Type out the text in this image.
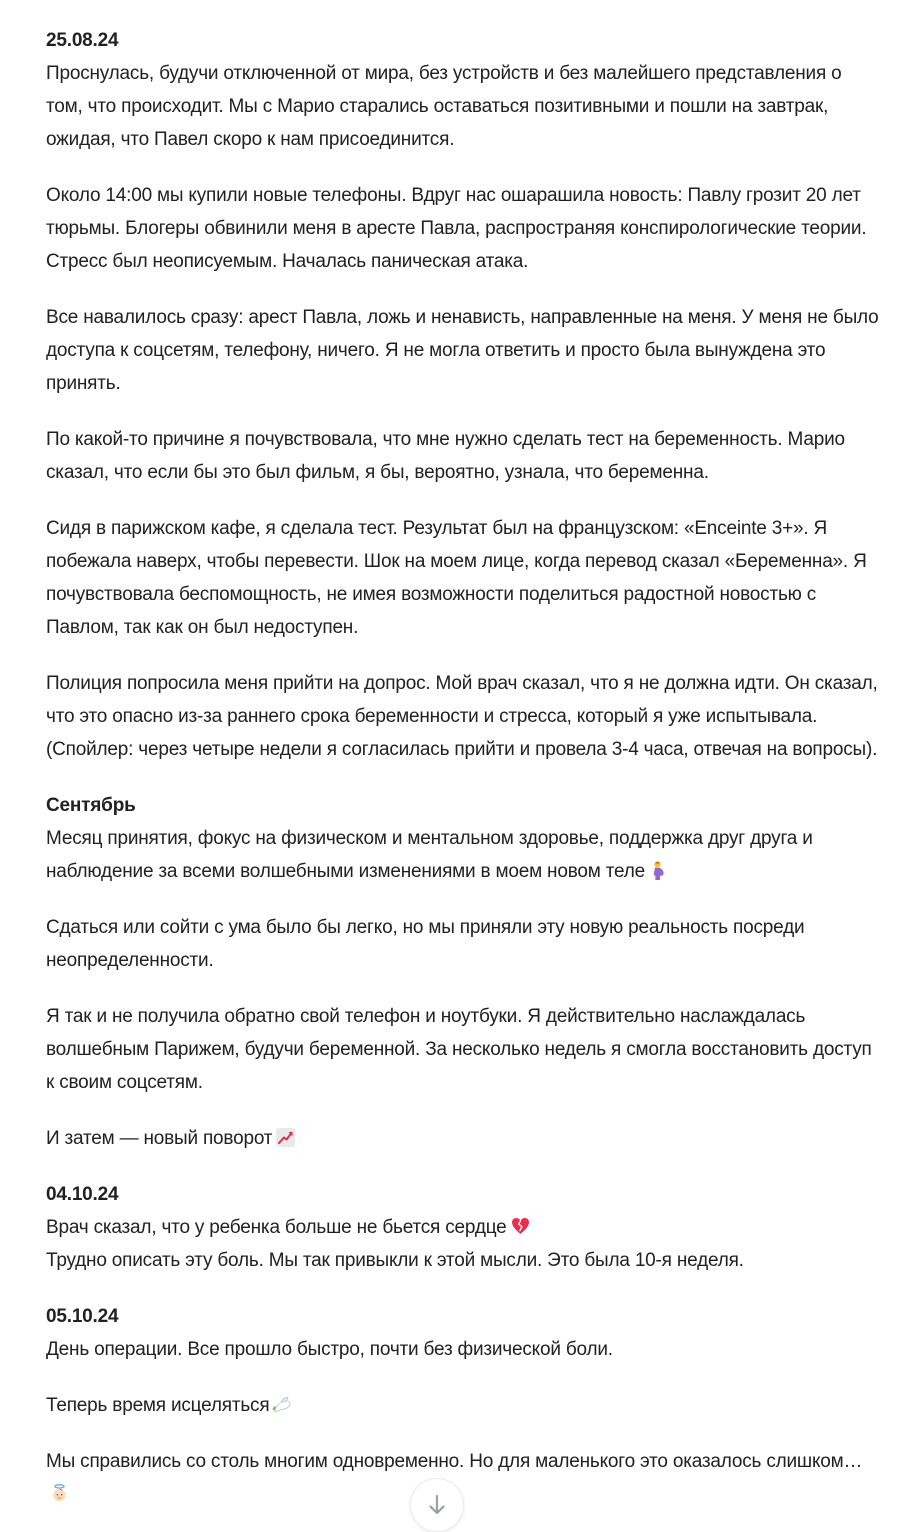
25.08.24
Проснулась, будучи отключенной от мира, без устройств и без малейшего представления о
том, что происходит. Мы с Марио старались оставаться позитивными и пошли на завтрак,
ожидая, что Павел скоро к нам присоединится.
Около 14:00 мы купили новые телефоны. Вдруг нас ошарашила новость: Павлу грозит 20 лет
тюрьмы. Блогеры обвинили меня в аресте Павла, распространяя конспирологические теории.
Стресс был неописуемым. Началась паническая атака.
Все навалилось сразу: арест Павла, ложь и ненависть, направленные на меня. У меня не было
доступа к соцсетям, телефону, ничего. Я не могла ответить и просто была вынуждена это
принять.
По какой-то причине я почувствовала, что мне нужно сделать тест на беременность. Марио
сказал, что если бы это был фильм, я бы, вероятно, узнала, что беременна.
Сидя в парижском кафе, я сделала тест. Результат был на французском: «Enceinte 3+». Я
побежала наверх, чтобы перевести. Шок на моем лице, когда перевод сказал «Беременна». Я
почувствовала беспомощность, не имея возможности поделиться радостной новостью с
Павлом, так как он был недоступен.
Полиция попросила меня прийти на допрос. Мой врач сказал, что я не должна идти. Он сказал,
что это опасно из-за раннего срока беременности и стресса, который я уже испытывала.
(Спойлер: через четыре недели я согласилась прийти и провела 3-4 часа, отвечая на вопросы).
Сентябрь
Месяц принятия, фокус на физическом и ментальном здоровье, поддержка друг друга и
наблюдение за всеми волшебными изменениями в моем новом теле
Сдаться или сойти с ума было бы легко, но мы приняли эту новую реальность посреди
неопределенности.
Я так и не получила обратно свой телефон и ноутбуки. Я действительно наслаждалась
волшебным Парижем, будучи беременной. За несколько недель я смогла восстановить доступ
к своим соцсетям.
И затем — новый поворот
04.10.24
Врач сказал, что у ребенка больше не бьется сердце
Трудно описать эту боль. Мы так привыкли к этой мысли. Это была 10-я неделя.
05.10.24
День операции. Все прошло быстро, почти без физической боли.
Теперь время исцеляться
Мы справились со столь многим одновременно. Но для маленького это оказалось слишком…
